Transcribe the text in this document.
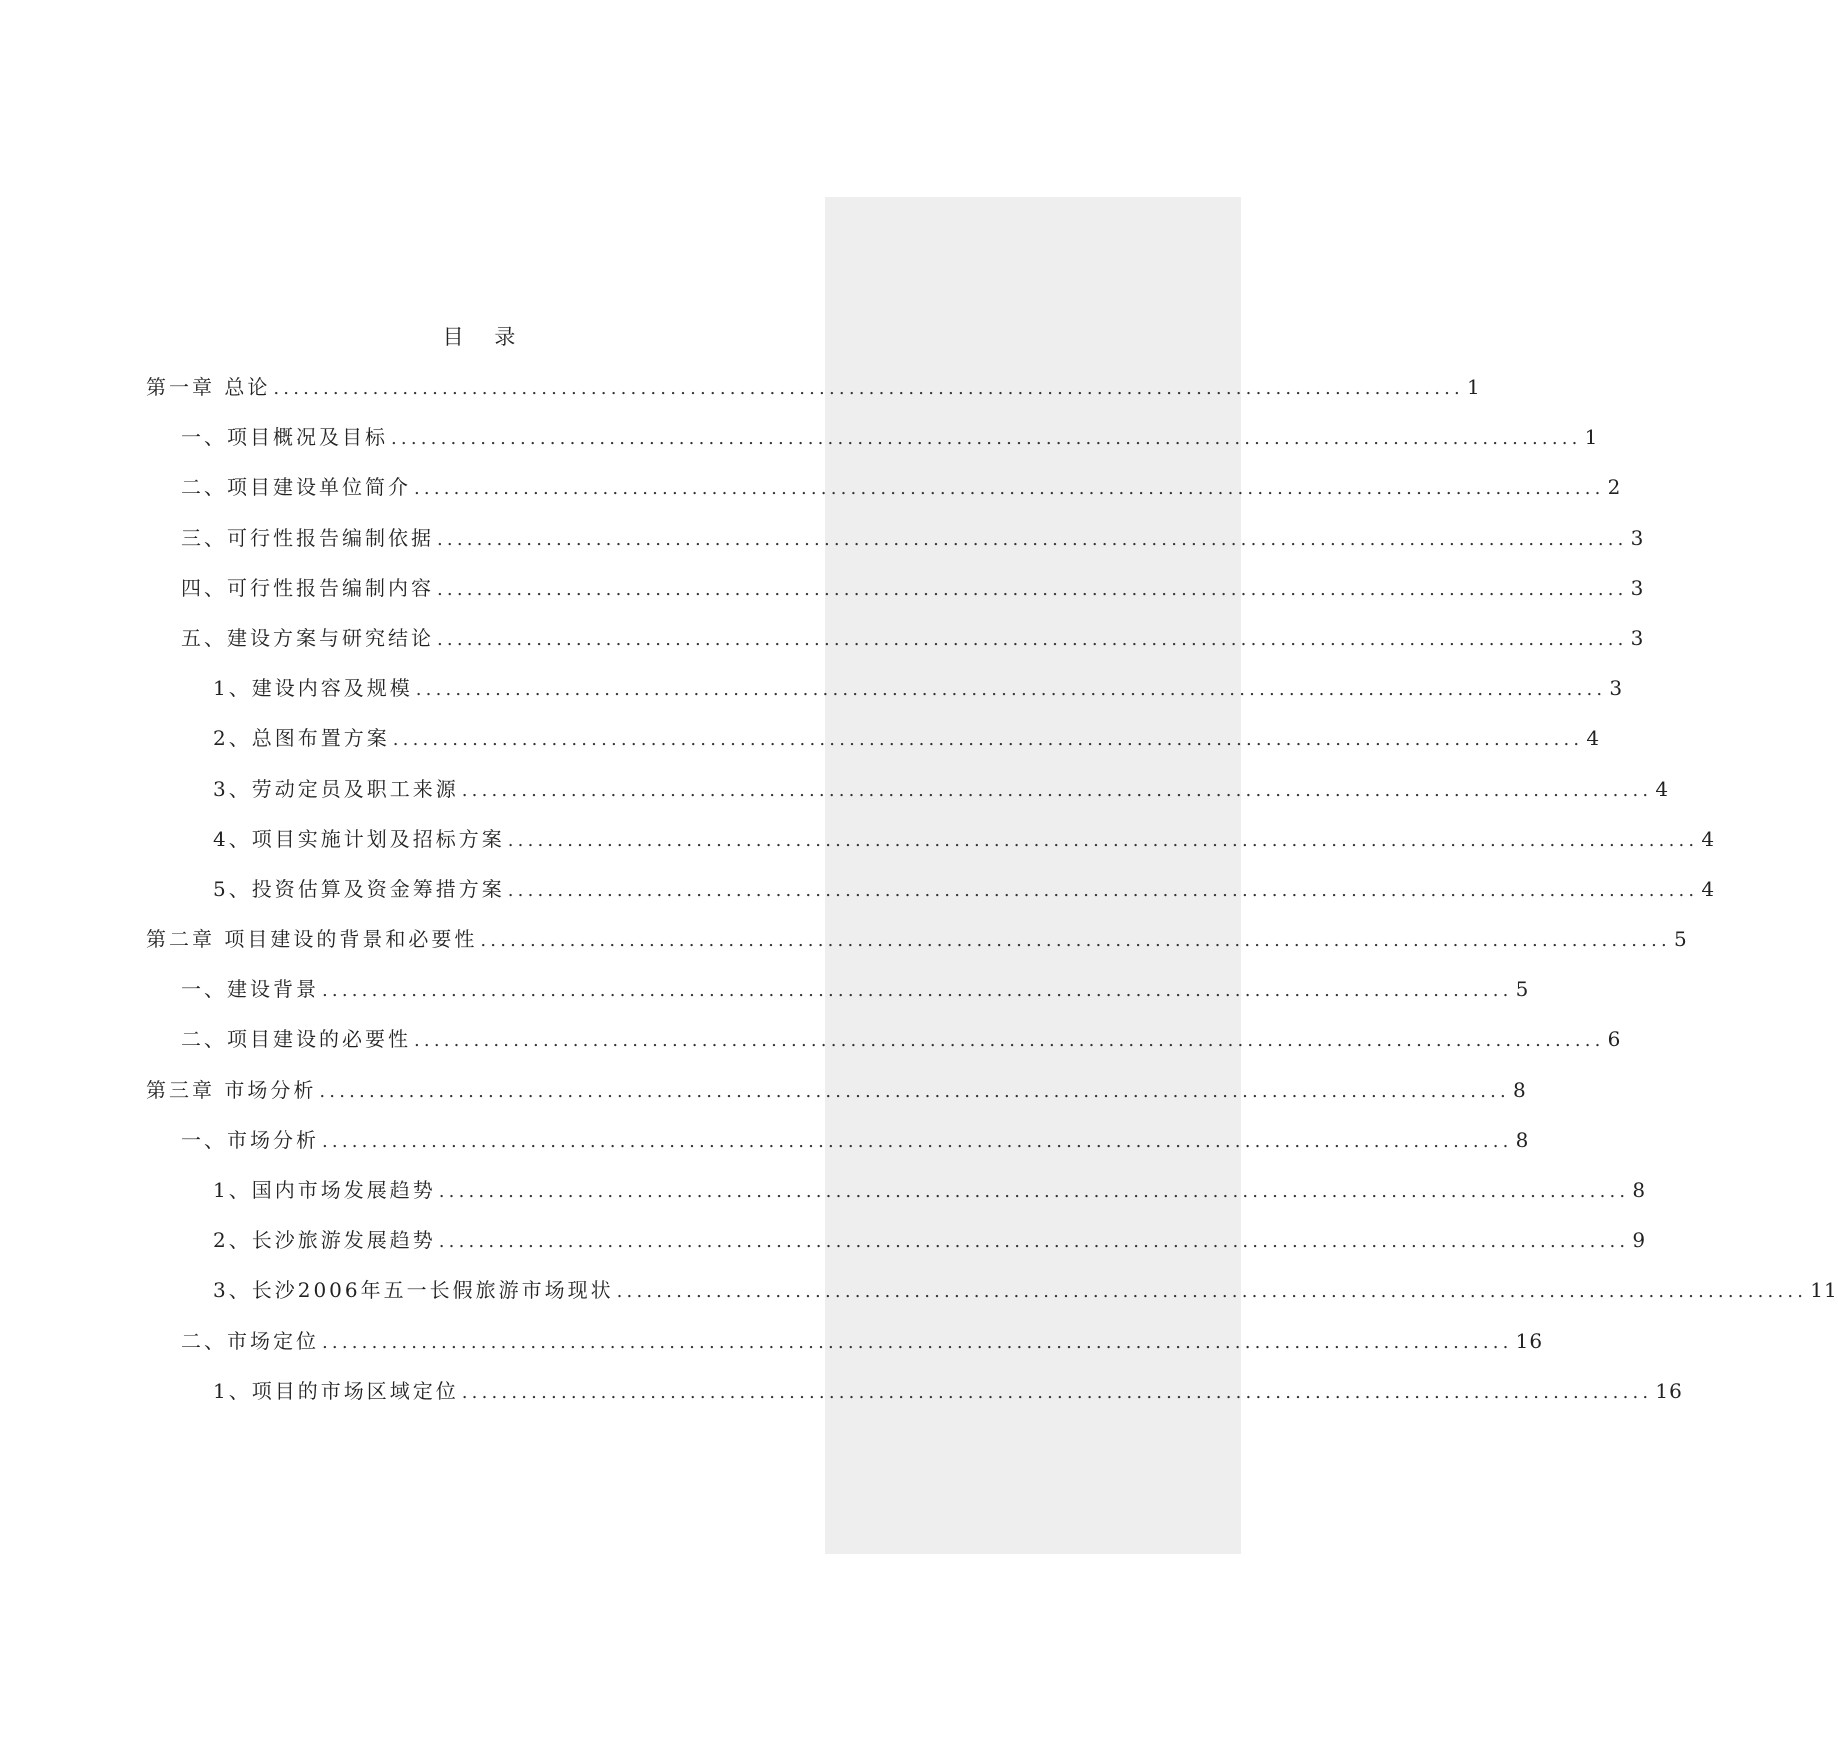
目 录
第一章 总论 ........................................................................................................................ 1
一、项目概况及目标 ........................................................................................................................ 1
二、项目建设单位简介 ........................................................................................................................ 2
三、可行性报告编制依据 ........................................................................................................................ 3
四、可行性报告编制内容 ........................................................................................................................ 3
五、建设方案与研究结论 ........................................................................................................................ 3
1、建设内容及规模 ........................................................................................................................ 3
2、总图布置方案 ........................................................................................................................ 4
3、劳动定员及职工来源 ........................................................................................................................ 4
4、项目实施计划及招标方案 ........................................................................................................................ 4
5、投资估算及资金筹措方案 ........................................................................................................................ 4
第二章 项目建设的背景和必要性 ........................................................................................................................ 5
一、建设背景 ........................................................................................................................ 5
二、项目建设的必要性 ........................................................................................................................ 6
第三章 市场分析 ........................................................................................................................ 8
一、市场分析 ........................................................................................................................ 8
1、国内市场发展趋势 ........................................................................................................................ 8
2、长沙旅游发展趋势 ........................................................................................................................ 9
3、长沙2006年五一长假旅游市场现状 ........................................................................................................................ 11
二、市场定位 ........................................................................................................................ 16
1、项目的市场区域定位 ........................................................................................................................ 16
